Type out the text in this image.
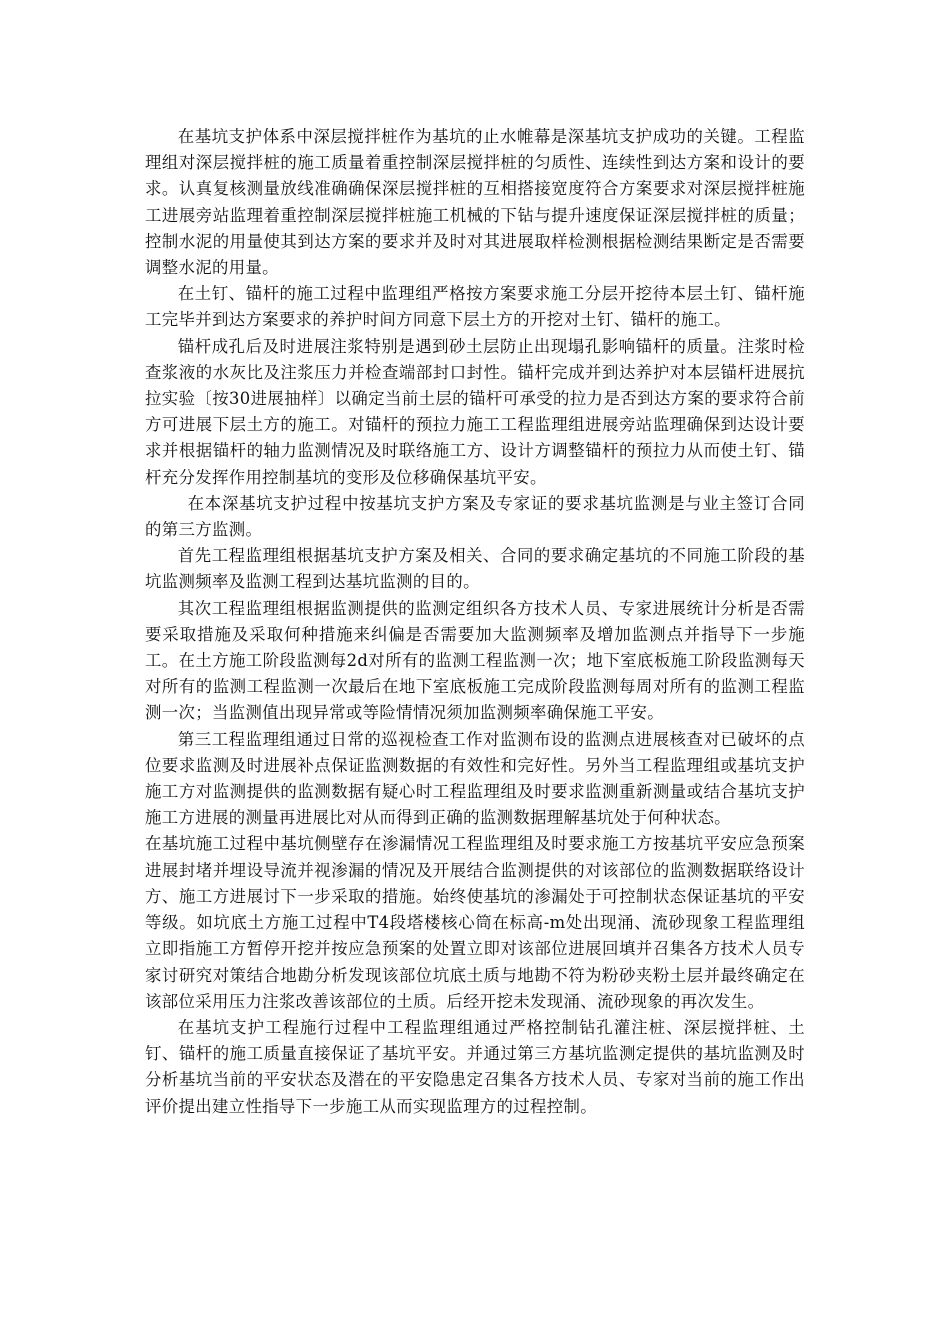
在基坑支护体系中深层搅拌桩作为基坑的止水帷幕是深基坑支护成功的关键。工程监理组对深层搅拌桩的施工质量着重控制深层搅拌桩的匀质性、连续性到达方案和设计的要求。认真复核测量放线准确确保深层搅拌桩的互相搭接宽度符合方案要求对深层搅拌桩施工进展旁站监理着重控制深层搅拌桩施工机械的下钻与提升速度保证深层搅拌桩的质量；控制水泥的用量使其到达方案的要求并及时对其进展取样检测根据检测结果断定是否需要调整水泥的用量。

在土钉、锚杆的施工过程中监理组严格按方案要求施工分层开挖待本层土钉、锚杆施工完毕并到达方案要求的养护时间方同意下层土方的开挖对土钉、锚杆的施工。

锚杆成孔后及时进展注浆特别是遇到砂土层防止出现塌孔影响锚杆的质量。注浆时检查浆液的水灰比及注浆压力并检查端部封口封性。锚杆完成并到达养护对本层锚杆进展抗拉实验〔按30进展抽样〕以确定当前土层的锚杆可承受的拉力是否到达方案的要求符合前方可进展下层土方的施工。对锚杆的预拉力施工工程监理组进展旁站监理确保到达设计要求并根据锚杆的轴力监测情况及时联络施工方、设计方调整锚杆的预拉力从而使土钉、锚杆充分发挥作用控制基坑的变形及位移确保基坑平安。

在本深基坑支护过程中按基坑支护方案及专家证的要求基坑监测是与业主签订合同的第三方监测。

首先工程监理组根据基坑支护方案及相关、合同的要求确定基坑的不同施工阶段的基坑监测频率及监测工程到达基坑监测的目的。

其次工程监理组根据监测提供的监测定组织各方技术人员、专家进展统计分析是否需要采取措施及采取何种措施来纠偏是否需要加大监测频率及增加监测点并指导下一步施工。在土方施工阶段监测每2d对所有的监测工程监测一次；地下室底板施工阶段监测每天对所有的监测工程监测一次最后在地下室底板施工完成阶段监测每周对所有的监测工程监测一次；当监测值出现异常或等险情情况须加监测频率确保施工平安。

第三工程监理组通过日常的巡视检查工作对监测布设的监测点进展核查对已破坏的点位要求监测及时进展补点保证监测数据的有效性和完好性。另外当工程监理组或基坑支护施工方对监测提供的监测数据有疑心时工程监理组及时要求监测重新测量或结合基坑支护施工方进展的测量再进展比对从而得到正确的监测数据理解基坑处于何种状态。

在基坑施工过程中基坑侧壁存在渗漏情况工程监理组及时要求施工方按基坑平安应急预案进展封堵并埋设导流并视渗漏的情况及开展结合监测提供的对该部位的监测数据联络设计方、施工方进展讨下一步采取的措施。始终使基坑的渗漏处于可控制状态保证基坑的平安等级。如坑底土方施工过程中T4段塔楼核心筒在标高-m处出现涌、流砂现象工程监理组立即指施工方暂停开挖并按应急预案的处置立即对该部位进展回填并召集各方技术人员专家讨研究对策结合地勘分析发现该部位坑底土质与地勘不符为粉砂夹粉土层并最终确定在该部位采用压力注浆改善该部位的土质。后经开挖未发现涌、流砂现象的再次发生。

在基坑支护工程施行过程中工程监理组通过严格控制钻孔灌注桩、深层搅拌桩、土钉、锚杆的施工质量直接保证了基坑平安。并通过第三方基坑监测定提供的基坑监测及时分析基坑当前的平安状态及潜在的平安隐患定召集各方技术人员、专家对当前的施工作出评价提出建立性指导下一步施工从而实现监理方的过程控制。
